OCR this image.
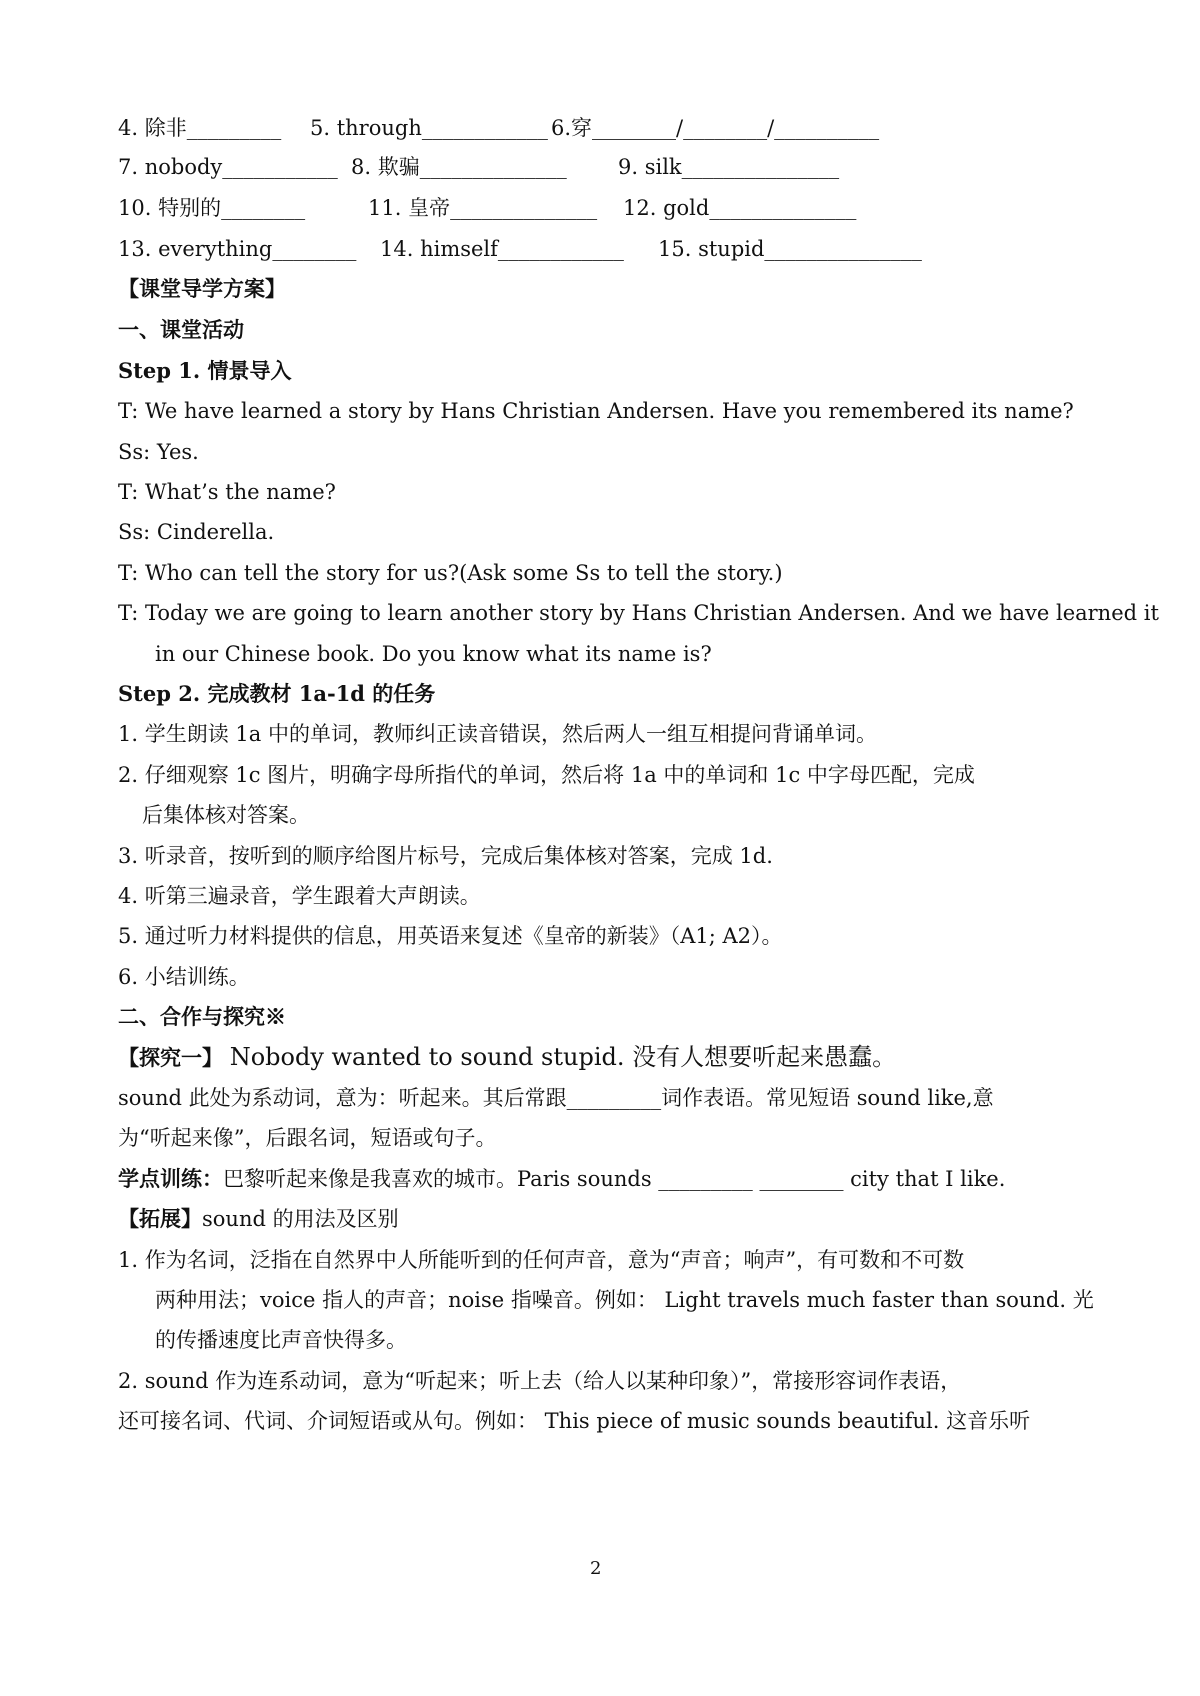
4. 除非_________ 5. through____________ 6.穿________/________/__________
7. nobody___________ 8. 欺骗______________ 9. silk_______________
10. 特别的________	11. 皇帝______________ 12. gold______________
13. everything________ 14. himself____________ 15. stupid_______________
【课堂导学方案】
一、课堂活动
Step 1. 情景导入
T: We have learned a story by Hans Christian Andersen. Have you remembered its name?
Ss: Yes.
T: What’s the name?
Ss: Cinderella.
T: Who can tell the story for us?(Ask some Ss to tell the story.)
T: Today we are going to learn another story by Hans Christian Andersen. And we have learned it
in our Chinese book. Do you know what its name is?
Step 2. 完成教材 1a-1d 的任务
1. 学生朗读 1a 中的单词，教师纠正读音错误，然后两人一组互相提问背诵单词。
2. 仔细观察 1c 图片，明确字母所指代的单词，然后将 1a 中的单词和 1c 中字母匹配，完成
后集体核对答案。
3. 听录音，按听到的顺序给图片标号，完成后集体核对答案，完成 1d.
4. 听第三遍录音，学生跟着大声朗读。
5. 通过听力材料提供的信息，用英语来复述《皇帝的新装》（A1; A2）。
6. 小结训练。
二、合作与探究※
【探究一】 Nobody wanted to sound stupid. 没有人想要听起来愚蠢。
sound 此处为系动词，意为：听起来。其后常跟_________词作表语。常见短语 sound like,意
为“听起来像”，后跟名词，短语或句子。
学点训练：巴黎听起来像是我喜欢的城市。Paris sounds _________ ________ city that I like.
【拓展】sound 的用法及区别
1. 作为名词，泛指在自然界中人所能听到的任何声音，意为“声音；响声”，有可数和不可数
两种用法；voice 指人的声音；noise 指噪音。例如： Light travels much faster than sound. 光
的传播速度比声音快得多。
2. sound 作为连系动词，意为“听起来；听上去（给人以某种印象）”，常接形容词作表语，
还可接名词、代词、介词短语或从句。例如： This piece of music sounds beautiful. 这音乐听
2
